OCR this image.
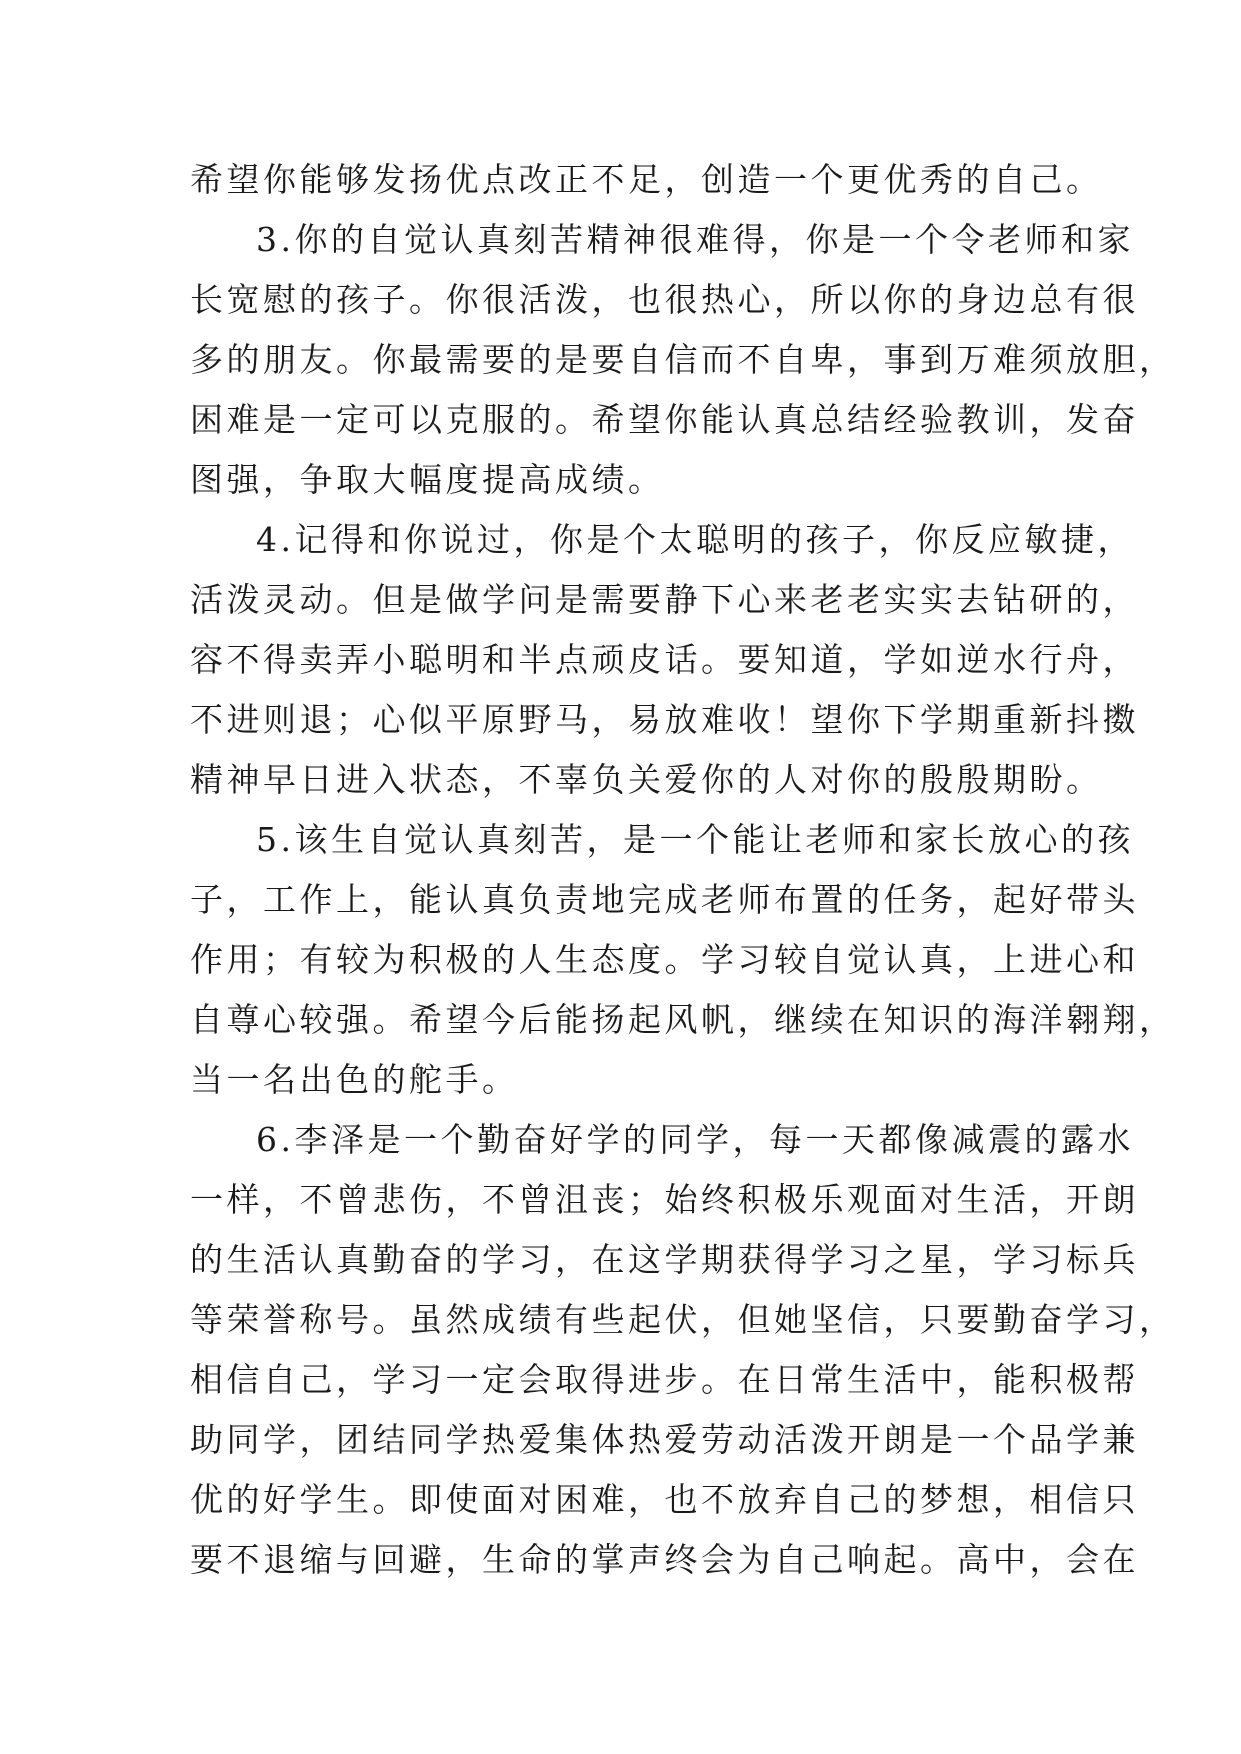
希望你能够发扬优点改正不足，创造一个更优秀的自己。
3.你的自觉认真刻苦精神很难得，你是一个令老师和家
长宽慰的孩子。你很活泼，也很热心，所以你的身边总有很
多的朋友。你最需要的是要自信而不自卑，事到万难须放胆，
困难是一定可以克服的。希望你能认真总结经验教训，发奋
图强，争取大幅度提高成绩。
4.记得和你说过，你是个太聪明的孩子，你反应敏捷，
活泼灵动。但是做学问是需要静下心来老老实实去钻研的，
容不得卖弄小聪明和半点顽皮话。要知道，学如逆水行舟，
不进则退；心似平原野马，易放难收！望你下学期重新抖擞
精神早日进入状态，不辜负关爱你的人对你的殷殷期盼。
5.该生自觉认真刻苦，是一个能让老师和家长放心的孩
子，工作上，能认真负责地完成老师布置的任务，起好带头
作用；有较为积极的人生态度。学习较自觉认真，上进心和
自尊心较强。希望今后能扬起风帆，继续在知识的海洋翱翔，
当一名出色的舵手。
6.李泽是一个勤奋好学的同学，每一天都像减震的露水
一样，不曾悲伤，不曾沮丧；始终积极乐观面对生活，开朗
的生活认真勤奋的学习，在这学期获得学习之星，学习标兵
等荣誉称号。虽然成绩有些起伏，但她坚信，只要勤奋学习，
相信自己，学习一定会取得进步。在日常生活中，能积极帮
助同学，团结同学热爱集体热爱劳动活泼开朗是一个品学兼
优的好学生。即使面对困难，也不放弃自己的梦想，相信只
要不退缩与回避，生命的掌声终会为自己响起。高中，会在
